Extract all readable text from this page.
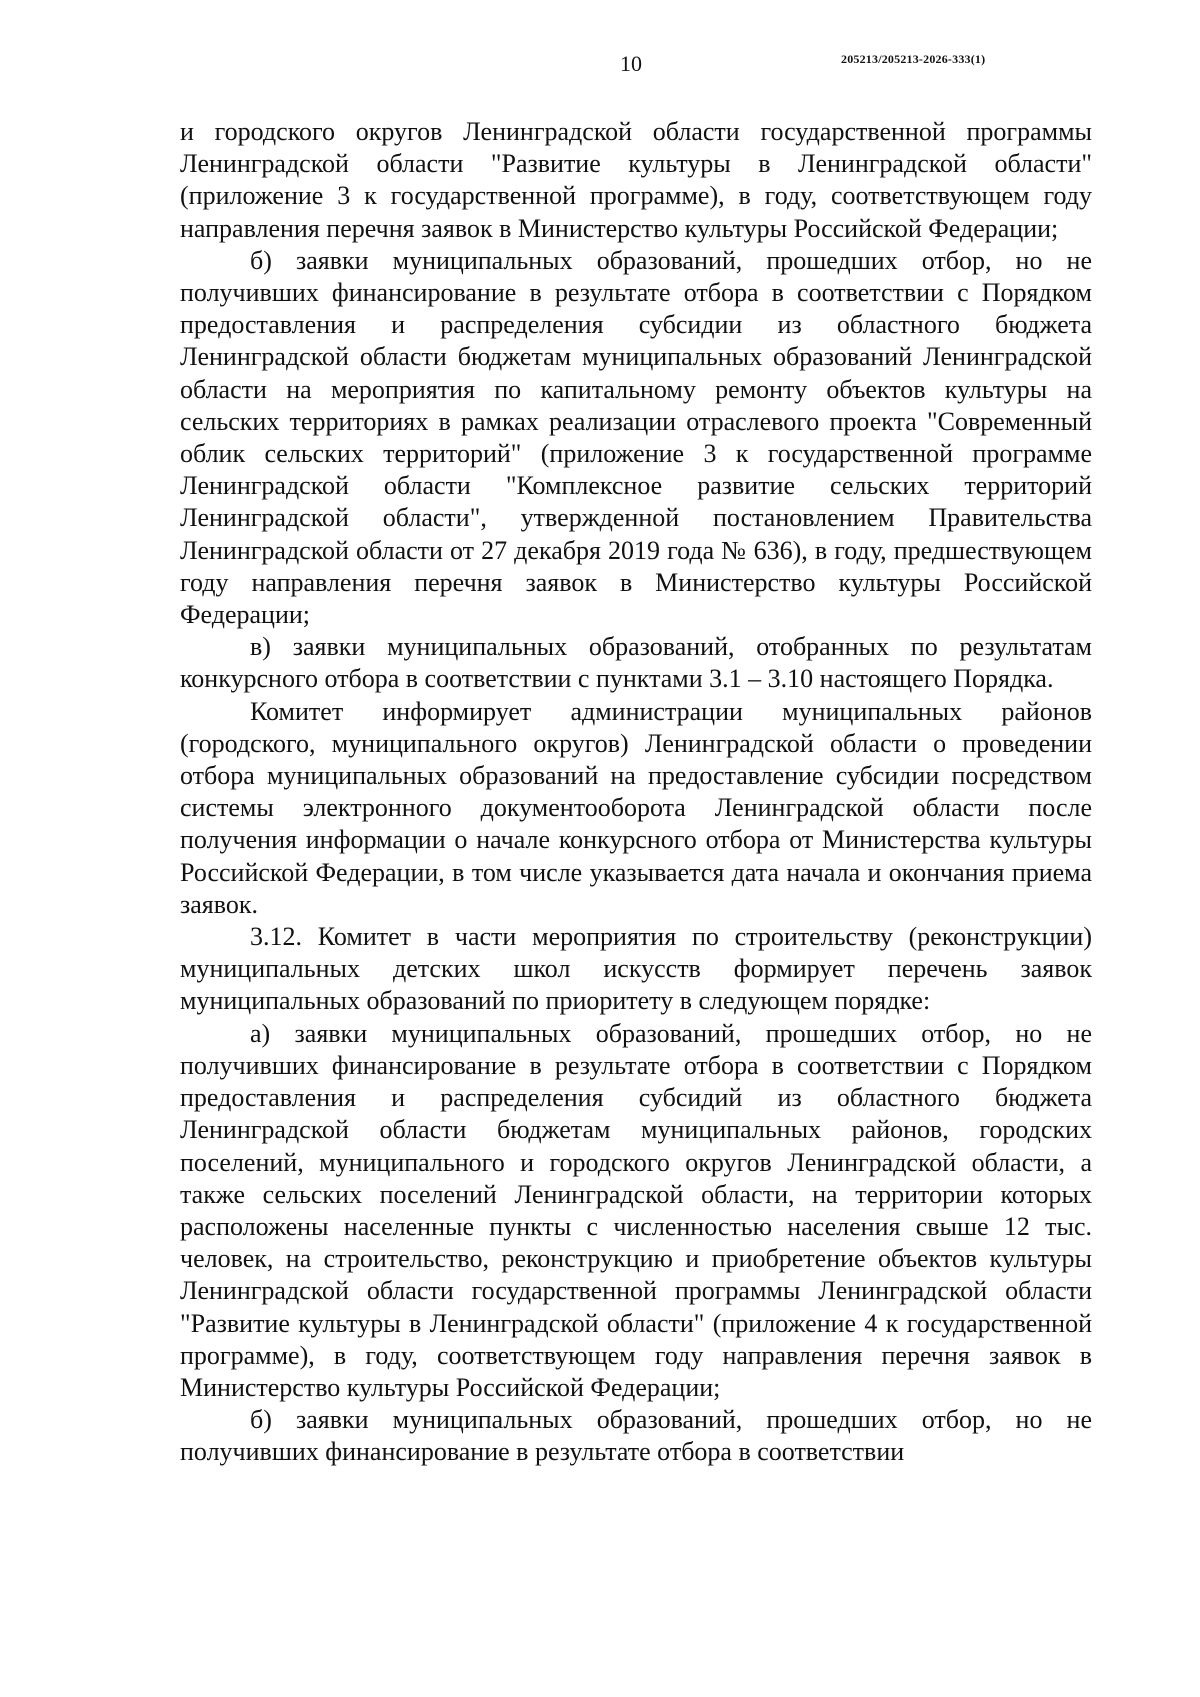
10	205213/205213-2026-333(1)

и городского округов Ленинградской области государственной программы Ленинградской области "Развитие культуры в Ленинградской области" (приложение 3 к государственной программе), в году, соответствующем году направления перечня заявок в Министерство культуры Российской Федерации;

б) заявки муниципальных образований, прошедших отбор, но не получивших финансирование в результате отбора в соответствии с Порядком предоставления и распределения субсидии из областного бюджета Ленинградской области бюджетам муниципальных образований Ленинградской области на мероприятия по капитальному ремонту объектов культуры на сельских территориях в рамках реализации отраслевого проекта "Современный облик сельских территорий" (приложение 3 к государственной программе Ленинградской области "Комплексное развитие сельских территорий Ленинградской области", утвержденной постановлением Правительства Ленинградской области от 27 декабря 2019 года № 636), в году, предшествующем году направления перечня заявок в Министерство культуры Российской Федерации;

в) заявки муниципальных образований, отобранных по результатам конкурсного отбора в соответствии с пунктами 3.1 – 3.10 настоящего Порядка.

Комитет информирует администрации муниципальных районов (городского, муниципального округов) Ленинградской области о проведении отбора муниципальных образований на предоставление субсидии посредством системы электронного документооборота Ленинградской области после получения информации о начале конкурсного отбора от Министерства культуры Российской Федерации, в том числе указывается дата начала и окончания приема заявок.

3.12. Комитет в части мероприятия по строительству (реконструкции) муниципальных детских школ искусств формирует перечень заявок муниципальных образований по приоритету в следующем порядке:

а) заявки муниципальных образований, прошедших отбор, но не получивших финансирование в результате отбора в соответствии с Порядком предоставления и распределения субсидий из областного бюджета Ленинградской области бюджетам муниципальных районов, городских поселений, муниципального и городского округов Ленинградской области, а также сельских поселений Ленинградской области, на территории которых расположены населенные пункты с численностью населения свыше 12 тыс. человек, на строительство, реконструкцию и приобретение объектов культуры Ленинградской области государственной программы Ленинградской области "Развитие культуры в Ленинградской области" (приложение 4 к государственной программе), в году, соответствующем году направления перечня заявок в Министерство культуры Российской Федерации;

б) заявки муниципальных образований, прошедших отбор, но не получивших финансирование в результате отбора в соответствии
